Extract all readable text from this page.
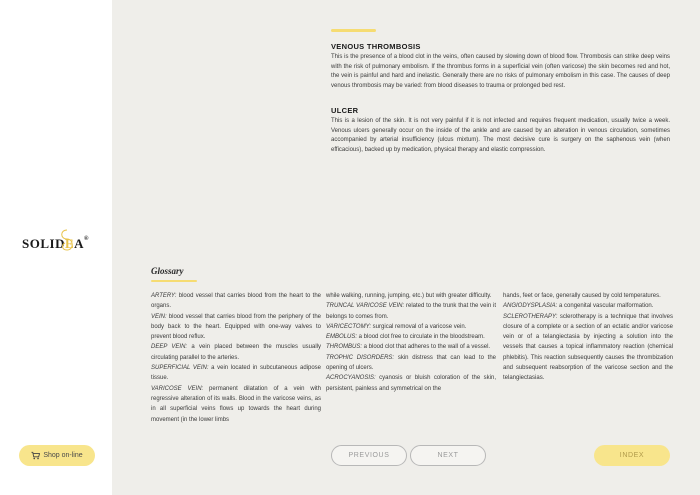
SOLIDEA®
Shop on-line
VENOUS THROMBOSIS
This is the presence of a blood clot in the veins, often caused by slowing down of blood flow. Thrombosis can strike deep veins with the risk of pulmonary embolism. If the thrombus forms in a superficial vein (often varicose) the skin becomes red and hot, the vein is painful and hard and inelastic. Generally there are no risks of pulmonary embolism in this case. The causes of deep venous thrombosis may be varied: from blood diseases to trauma or prolonged bed rest.
ULCER
This is a lesion of the skin. It is not very painful if it is not infected and requires frequent medication, usually twice a week. Venous ulcers generally occur on the inside of the ankle and are caused by an alteration in venous circulation, sometimes accompanied by arterial insufficiency (ulcus mixtum). The most decisive cure is surgery on the saphenous vein (when efficacious), backed up by medication, physical therapy and elastic compression.
Glossary

ARTERY: blood vessel that carries blood from the heart to the organs.

VEIN: blood vessel that carries blood from the periphery of the body back to the heart. Equipped with one-way valves to prevent blood reflux.

DEEP VEIN: a vein placed between the muscles usually circulating parallel to the arteries.

SUPERFICIAL VEIN: a vein located in subcutaneous adipose tissue.

VARICOSE VEIN: permanent dilatation of a vein with regressive alteration of its walls. Blood in the varicose veins, as in all superficial veins flows up towards the heart during movement (in the lower limbs

while walking, running, jumping, etc.) but with greater difficulty.

TRUNCAL VARICOSE VEIN: related to the trunk that the vein it belongs to comes from.

VARICECTOMY: surgical removal of a varicose vein.

EMBOLUS: a blood clot free to circulate in the bloodstream.

THROMBUS: a blood clot that adheres to the wall of a vessel.

TROPHIC DISORDERS: skin distress that can lead to the opening of ulcers.

ACROCYANOSIS: cyanosis or bluish coloration of the skin, persistent, painless and symmetrical on the

hands, feet or face, generally caused by cold temperatures.

ANGIODYSPLASIA: a congenital vascular malformation.

SCLEROTHERAPY: sclerotherapy is a technique that involves closure of a complete or a section of an ectatic and/or varicose vein or of a telangiectasia by injecting a solution into the vessels that causes a topical inflammatory reaction (chemical phlebitis). This reaction subsequently causes the thrombization and subsequent reabsorption of the varicose section and the telangiectasias.

PREVIOUS	NEXT	INDEX
